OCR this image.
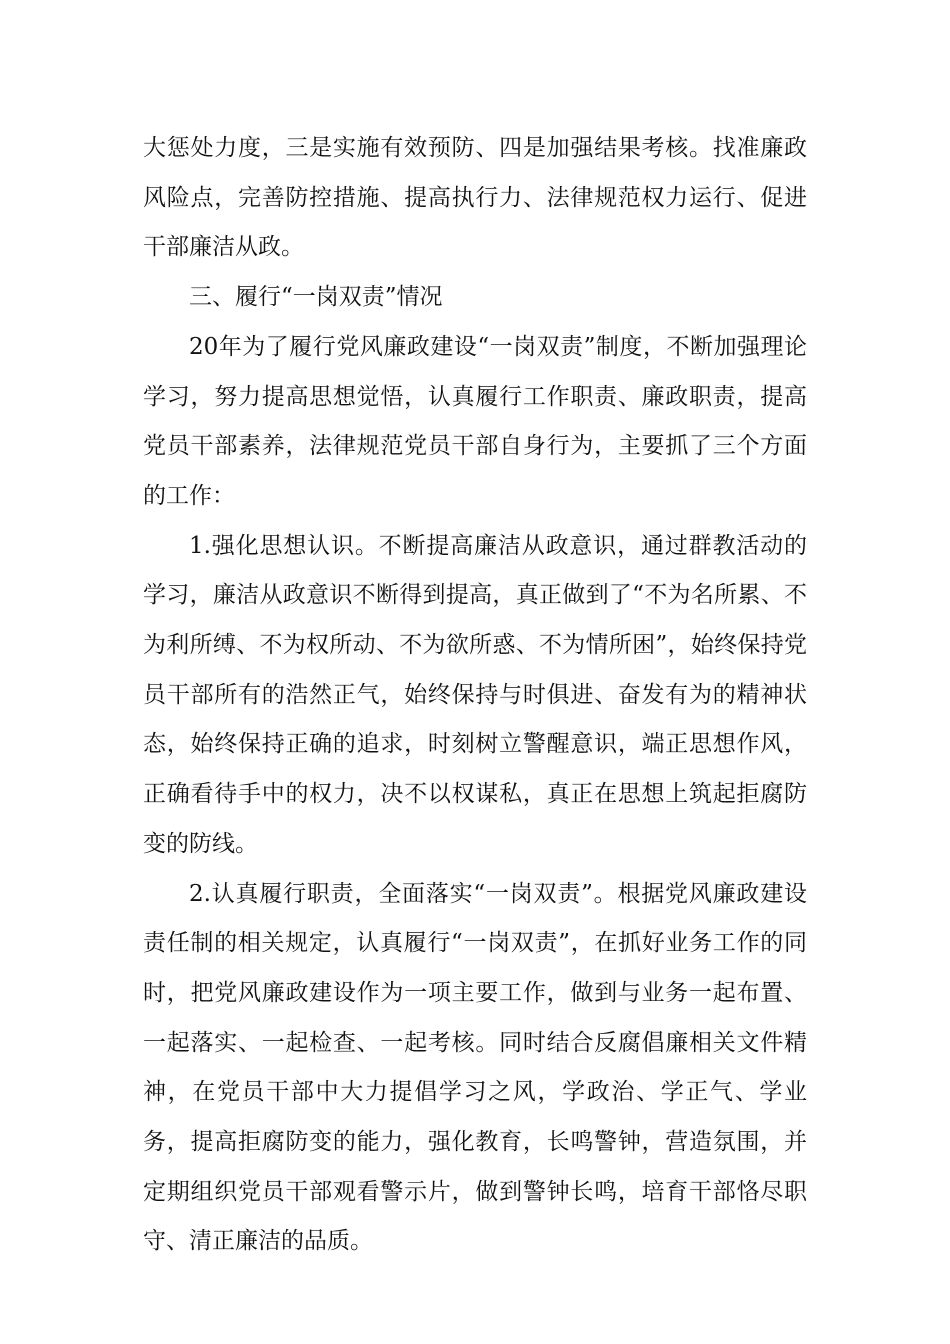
大惩处力度，三是实施有效预防、四是加强结果考核。找准廉政风险点，完善防控措施、提高执行力、法律规范权力运行、促进干部廉洁从政。

三、履行“一岗双责”情况

20年为了履行党风廉政建设“一岗双责”制度，不断加强理论学习，努力提高思想觉悟，认真履行工作职责、廉政职责，提高党员干部素养，法律规范党员干部自身行为，主要抓了三个方面的工作：

1.强化思想认识。不断提高廉洁从政意识，通过群教活动的学习，廉洁从政意识不断得到提高，真正做到了“不为名所累、不为利所缚、不为权所动、不为欲所惑、不为情所困”，始终保持党员干部所有的浩然正气，始终保持与时俱进、奋发有为的精神状态，始终保持正确的追求，时刻树立警醒意识，端正思想作风，正确看待手中的权力，决不以权谋私，真正在思想上筑起拒腐防变的防线。

2.认真履行职责，全面落实“一岗双责”。根据党风廉政建设责任制的相关规定，认真履行“一岗双责”，在抓好业务工作的同时，把党风廉政建设作为一项主要工作，做到与业务一起布置、一起落实、一起检查、一起考核。同时结合反腐倡廉相关文件精神，在党员干部中大力提倡学习之风，学政治、学正气、学业务，提高拒腐防变的能力，强化教育，长鸣警钟，营造氛围，并定期组织党员干部观看警示片，做到警钟长鸣，培育干部恪尽职守、清正廉洁的品质。
